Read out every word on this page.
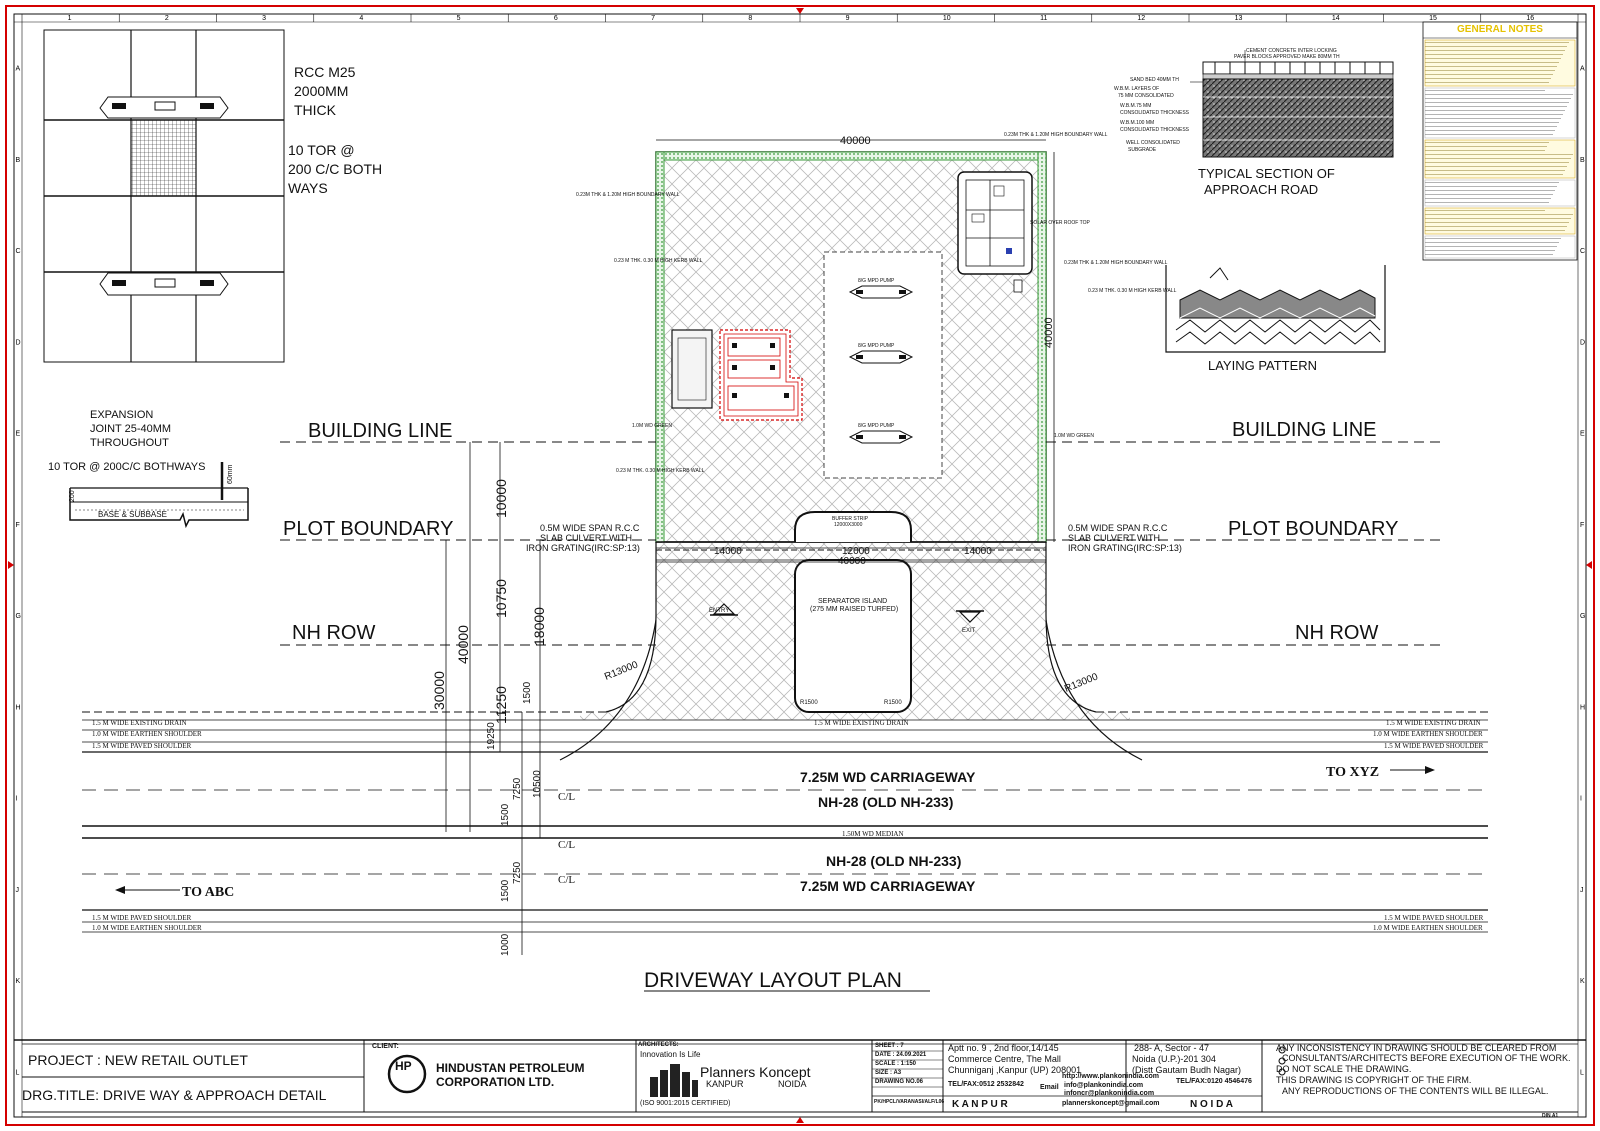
1	2	3	4	5	6	7	8	9	10	11	12	13	14	15	16
A	A
B	B
C	C
D	D
E	E
F	F
G	G
H	H
I	I
J	J
K	K
L	L
RCC M25
2000MM
THICK
10 TOR @
200 C/C BOTH
WAYS
EXPANSION
JOINT 25-40MM
THROUGHOUT
10 TOR @ 200C/C BOTHWAYS
BASE & SUBBASE
200
60mm
BUILDING LINE	BUILDING LINE
PLOT BOUNDARY	PLOT BOUNDARY
NH ROW	NH ROW
7.25M WD CARRIAGEWAY
NH-28 (OLD NH-233)
NH-28 (OLD NH-233)
7.25M WD CARRIAGEWAY
1.50M WD MEDIAN
TO XYZ
TO ABC
C/L
C/L
C/L
1.5 M WIDE EXISTING DRAIN	1.5 M WIDE EXISTING DRAIN	1.5 M WIDE EXISTING DRAIN
1.0 M WIDE EARTHEN SHOULDER	1.0 M WIDE EARTHEN SHOULDER
1.5 M WIDE PAVED SHOULDER	1.5 M WIDE PAVED SHOULDER
1.5 M WIDE PAVED SHOULDER	1.5 M WIDE PAVED SHOULDER
1.0 M WIDE EARTHEN SHOULDER	1.0 M WIDE EARTHEN SHOULDER
0.5M WIDE SPAN R.C.C
SLAB CULVERT WITH
IRON GRATING(IRC:SP:13)
0.5M WIDE SPAN R.C.C
SLAB CULVERT WITH
IRON GRATING(IRC:SP:13)
SEPARATOR ISLAND
(275 MM RAISED TURFED)
BUFFER STRIP
12000X3000
ENTRY
EXIT
R13000
R13000
R1500	R1500
0.23M THK & 1.20M HIGH BOUNDARY WALL
0.23M THK & 1.20M HIGH BOUNDARY WALL
0.23M THK & 1.20M HIGH BOUNDARY WALL
0.23 M THK. 0.30 M HIGH KERB WALL
0.23 M THK. 0.30 M HIGH KERB WALL
0.23 M THK. 0.30 M HIGH KERB WALL
1.0M WD GREEN
1.0M WD GREEN
SOLAR OVER ROOF TOP
8/G MPD PUMP
8/G MPD PUMP
8/G MPD PUMP
40000
40000
14000	12000	14000
40000
10000
10750
18000
11250
40000
30000	1500
19250
10500
7250
1500
7250
1500
1000
CEMENT CONCRETE INTER LOCKING
PAVER BLOCKS APPROVED MAKE 80MM TH
SAND BED 40MM TH
W.B.M. LAYERS OF
75 MM CONSOLIDATED
W.B.M.75 MM
CONSOLIDATED THICKNESS
W.B.M.100 MM
CONSOLIDATED THICKNESS
WELL CONSOLIDATED
SUBGRADE
TYPICAL SECTION OF
APPROACH ROAD
LAYING PATTERN
DRIVEWAY LAYOUT PLAN
GENERAL NOTES
PROJECT : NEW RETAIL OUTLET
DRG.TITLE: DRIVE WAY & APPROACH DETAIL
CLIENT:
HP HINDUSTAN PETROLEUM
CORPORATION LTD.
ARCHITECTS:
Innovation Is Life
Planners Koncept
KANPUR	NOIDA
(ISO 9001:2015 CERTIFIED)
SHEET : 7
DATE : 24.09.2021
SCALE : 1:150
SIZE : A3
DRAWING NO.06
PK/HPCL/VARANASI/ALF/L06
Aptt no. 9 , 2nd floor,14/145
Commerce Centre, The Mall
Chunniganj ,Kanpur (UP) 208001
TEL/FAX:0512 2532842
K A N P U R
http://www.plankonindia.com
Email info@plankonindia.com
infoncr@plankonindia.com
plannerskoncept@gmail.com
288- A, Sector - 47
Noida (U.P.)-201 304
(Distt Gautam Budh Nagar)
TEL/FAX:0120 4546476
N O I D A
ANY INCONSISTENCY IN DRAWING SHOULD BE CLEARED FROM
CONSULTANTS/ARCHITECTS BEFORE EXECUTION OF THE WORK.
DO NOT SCALE THE DRAWING.
THIS DRAWING IS COPYRIGHT OF THE FIRM.
ANY REPRODUCTIONS OF THE CONTENTS WILL BE ILLEGAL.
DIN A1
